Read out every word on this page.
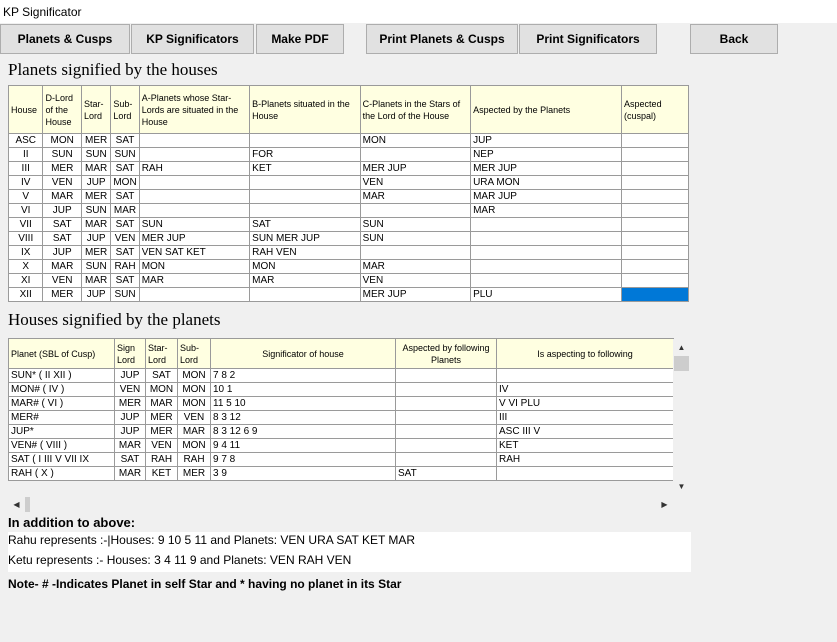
KP Significator
Planets & Cusps	KP Significators	Make PDF	Print Planets & Cusps	Print Significators	Back
Planets signified by the houses
House	D-Lord of the House	Star-Lord	Sub-Lord	A-Planets whose Star-Lords are situated in the House	B-Planets situated in the House	C-Planets in the Stars of the Lord of the House	Aspected by the Planets	Aspected (cuspal)
ASC	MON	MER	SAT			MON	JUP	
II	SUN	SUN	SUN		FOR		NEP	
III	MER	MAR	SAT	RAH	KET	MER JUP	MER JUP	
IV	VEN	JUP	MON			VEN	URA MON	
V	MAR	MER	SAT			MAR	MAR JUP	
VI	JUP	SUN	MAR				MAR	
VII	SAT	MAR	SAT	SUN	SAT	SUN		
VIII	SAT	JUP	VEN	MER JUP	SUN MER JUP	SUN		
IX	JUP	MER	SAT	VEN SAT KET	RAH VEN			
X	MAR	SUN	RAH	MON	MON	MAR		
XI	VEN	MAR	SAT	MAR	MAR	VEN		
XII	MER	JUP	SUN			MER JUP	PLU	
Houses signified by the planets
Planet (SBL of Cusp)	Sign Lord	Star-Lord	Sub-Lord	Significator of house	Aspected by following Planets	Is aspecting to following
SUN* ( II XII )	JUP	SAT	MON	7 8 2		
MON# ( IV )	VEN	MON	MON	10 1		IV
MAR# ( VI )	MER	MAR	MON	11 5 10		V VI PLU
MER#	JUP	MER	VEN	8 3 12		III
JUP*	JUP	MER	MAR	8 3 12 6 9		ASC III V
VEN# ( VIII )	MAR	VEN	MON	9 4 11		KET
SAT ( I III V VII IX	SAT	RAH	RAH	9 7 8		RAH
RAH ( X )	MAR	KET	MER	3 9	SAT	
▲
▼
◀	▶
In addition to above:
Rahu represents :-|Houses: 9 10 5 11 and Planets: VEN URA SAT KET MAR
Ketu represents :- Houses: 3 4 11 9 and Planets: VEN RAH VEN
Note- # -Indicates Planet in self Star and * having no planet in its Star
